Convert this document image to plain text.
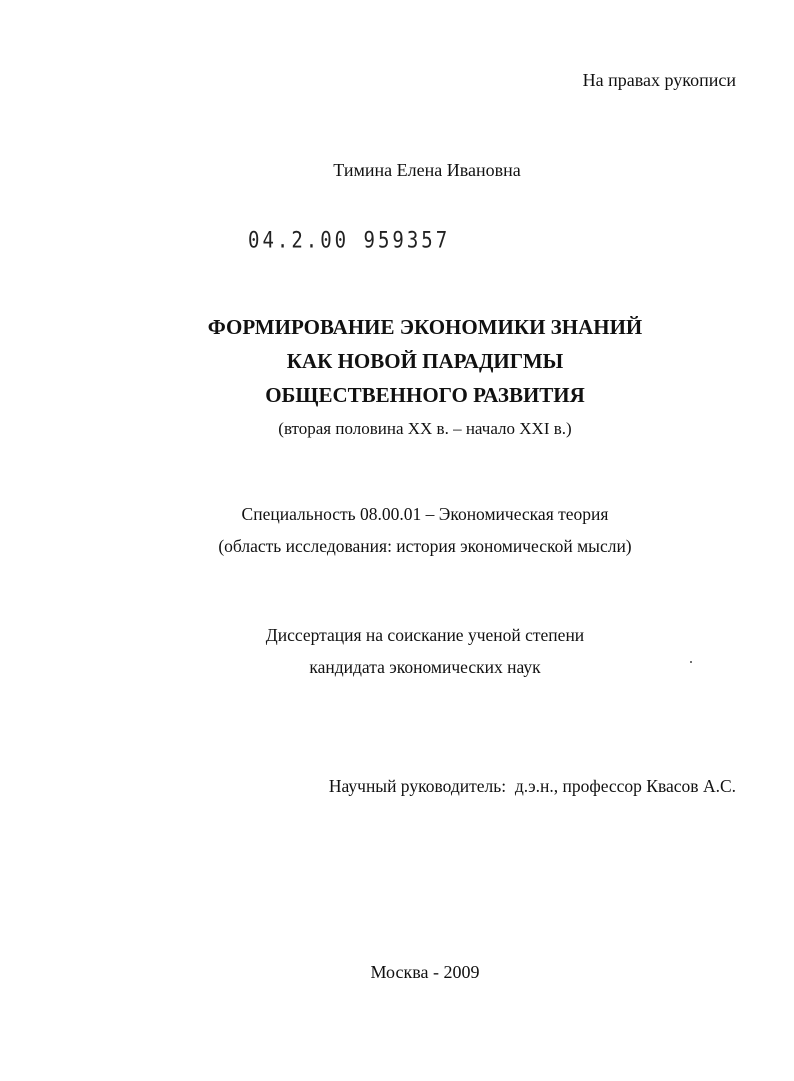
На правах рукописи
Тимина Елена Ивановна
04.2.00 959357
ФОРМИРОВАНИЕ ЭКОНОМИКИ ЗНАНИЙ
КАК НОВОЙ ПАРАДИГМЫ
ОБЩЕСТВЕННОГО РАЗВИТИЯ
(вторая половина XX в. – начало XXI в.)
Специальность 08.00.01 – Экономическая теория
(область исследования: история экономической мысли)
Диссертация на соискание ученой степени
кандидата экономических наук
Научный руководитель:  д.э.н., профессор Квасов А.С.
Москва - 2009
